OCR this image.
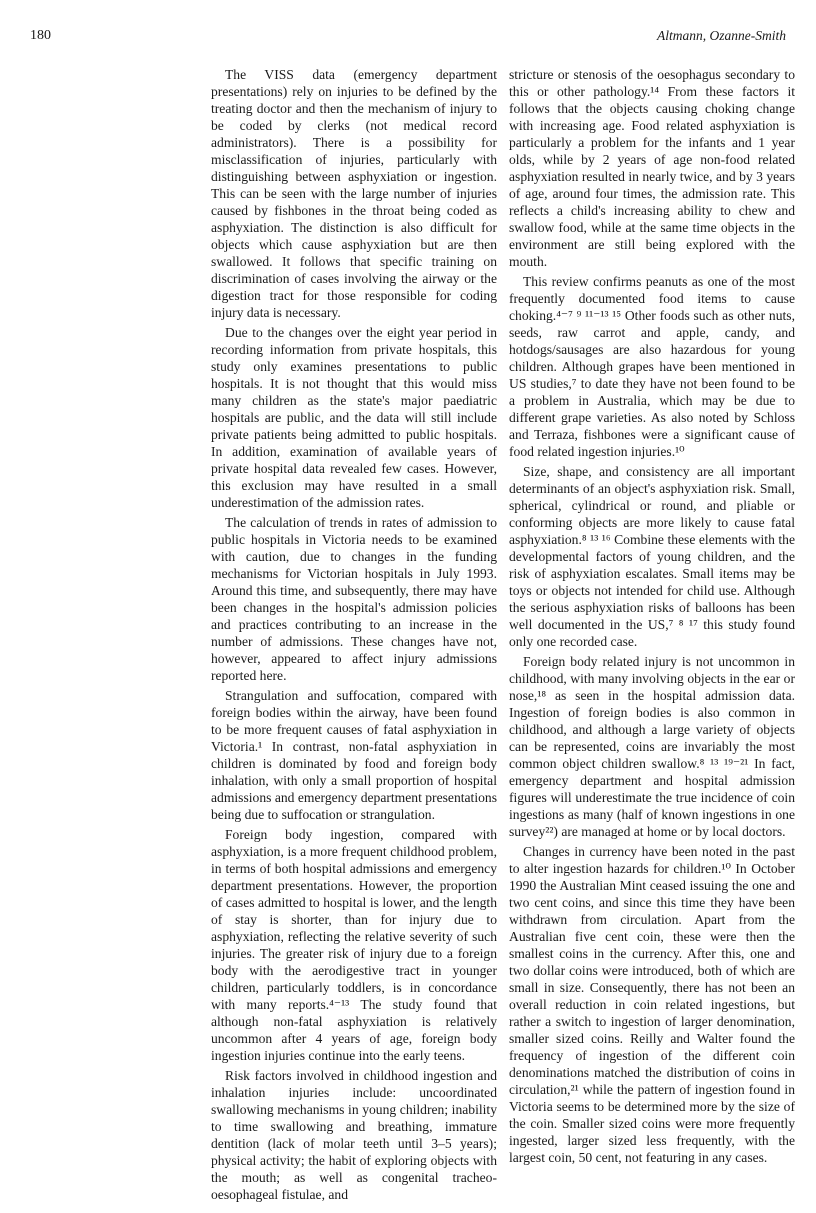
180	Altmann, Ozanne-Smith

The VISS data (emergency department presentations) rely on injuries to be defined by the treating doctor and then the mechanism of injury to be coded by clerks (not medical record administrators). There is a possibility for misclassification of injuries, particularly with distinguishing between asphyxiation or ingestion. This can be seen with the large number of injuries caused by fishbones in the throat being coded as asphyxiation. The distinction is also difficult for objects which cause asphyxiation but are then swallowed. It follows that specific training on discrimination of cases involving the airway or the digestion tract for those responsible for coding injury data is necessary.

Due to the changes over the eight year period in recording information from private hospitals, this study only examines presentations to public hospitals. It is not thought that this would miss many children as the state's major paediatric hospitals are public, and the data will still include private patients being admitted to public hospitals. In addition, examination of available years of private hospital data revealed few cases. However, this exclusion may have resulted in a small underestimation of the admission rates.

The calculation of trends in rates of admission to public hospitals in Victoria needs to be examined with caution, due to changes in the funding mechanisms for Victorian hospitals in July 1993. Around this time, and subsequently, there may have been changes in the hospital's admission policies and practices contributing to an increase in the number of admissions. These changes have not, however, appeared to affect injury admissions reported here.

Strangulation and suffocation, compared with foreign bodies within the airway, have been found to be more frequent causes of fatal asphyxiation in Victoria.¹ In contrast, non-fatal asphyxiation in children is dominated by food and foreign body inhalation, with only a small proportion of hospital admissions and emergency department presentations being due to suffocation or strangulation.

Foreign body ingestion, compared with asphyxiation, is a more frequent childhood problem, in terms of both hospital admissions and emergency department presentations. However, the proportion of cases admitted to hospital is lower, and the length of stay is shorter, than for injury due to asphyxiation, reflecting the relative severity of such injuries. The greater risk of injury due to a foreign body with the aerodigestive tract in younger children, particularly toddlers, is in concordance with many reports.⁴⁻¹³ The study found that although non-fatal asphyxiation is relatively uncommon after 4 years of age, foreign body ingestion injuries continue into the early teens.

Risk factors involved in childhood ingestion and inhalation injuries include: uncoordinated swallowing mechanisms in young children; inability to time swallowing and breathing, immature dentition (lack of molar teeth until 3–5 years); physical activity; the habit of exploring objects with the mouth; as well as congenital tracheo-oesophageal fistulae, and

stricture or stenosis of the oesophagus secondary to this or other pathology.¹⁴ From these factors it follows that the objects causing choking change with increasing age. Food related asphyxiation is particularly a problem for the infants and 1 year olds, while by 2 years of age non-food related asphyxiation resulted in nearly twice, and by 3 years of age, around four times, the admission rate. This reflects a child's increasing ability to chew and swallow food, while at the same time objects in the environment are still being explored with the mouth.

This review confirms peanuts as one of the most frequently documented food items to cause choking.⁴⁻⁷ ⁹ ¹¹⁻¹³ ¹⁵ Other foods such as other nuts, seeds, raw carrot and apple, candy, and hotdogs/sausages are also hazardous for young children. Although grapes have been mentioned in US studies,⁷ to date they have not been found to be a problem in Australia, which may be due to different grape varieties. As also noted by Schloss and Terraza, fishbones were a significant cause of food related ingestion injuries.¹⁰

Size, shape, and consistency are all important determinants of an object's asphyxiation risk. Small, spherical, cylindrical or round, and pliable or conforming objects are more likely to cause fatal asphyxiation.⁸ ¹³ ¹⁶ Combine these elements with the developmental factors of young children, and the risk of asphyxiation escalates. Small items may be toys or objects not intended for child use. Although the serious asphyxiation risks of balloons has been well documented in the US,⁷ ⁸ ¹⁷ this study found only one recorded case.

Foreign body related injury is not uncommon in childhood, with many involving objects in the ear or nose,¹⁸ as seen in the hospital admission data. Ingestion of foreign bodies is also common in childhood, and although a large variety of objects can be represented, coins are invariably the most common object children swallow.⁸ ¹³ ¹⁹⁻²¹ In fact, emergency department and hospital admission figures will underestimate the true incidence of coin ingestions as many (half of known ingestions in one survey²²) are managed at home or by local doctors.

Changes in currency have been noted in the past to alter ingestion hazards for children.¹⁰ In October 1990 the Australian Mint ceased issuing the one and two cent coins, and since this time they have been withdrawn from circulation. Apart from the Australian five cent coin, these were then the smallest coins in the currency. After this, one and two dollar coins were introduced, both of which are small in size. Consequently, there has not been an overall reduction in coin related ingestions, but rather a switch to ingestion of larger denomination, smaller sized coins. Reilly and Walter found the frequency of ingestion of the different coin denominations matched the distribution of coins in circulation,²¹ while the pattern of ingestion found in Victoria seems to be determined more by the size of the coin. Smaller sized coins were more frequently ingested, larger sized less frequently, with the largest coin, 50 cent, not featuring in any cases.
